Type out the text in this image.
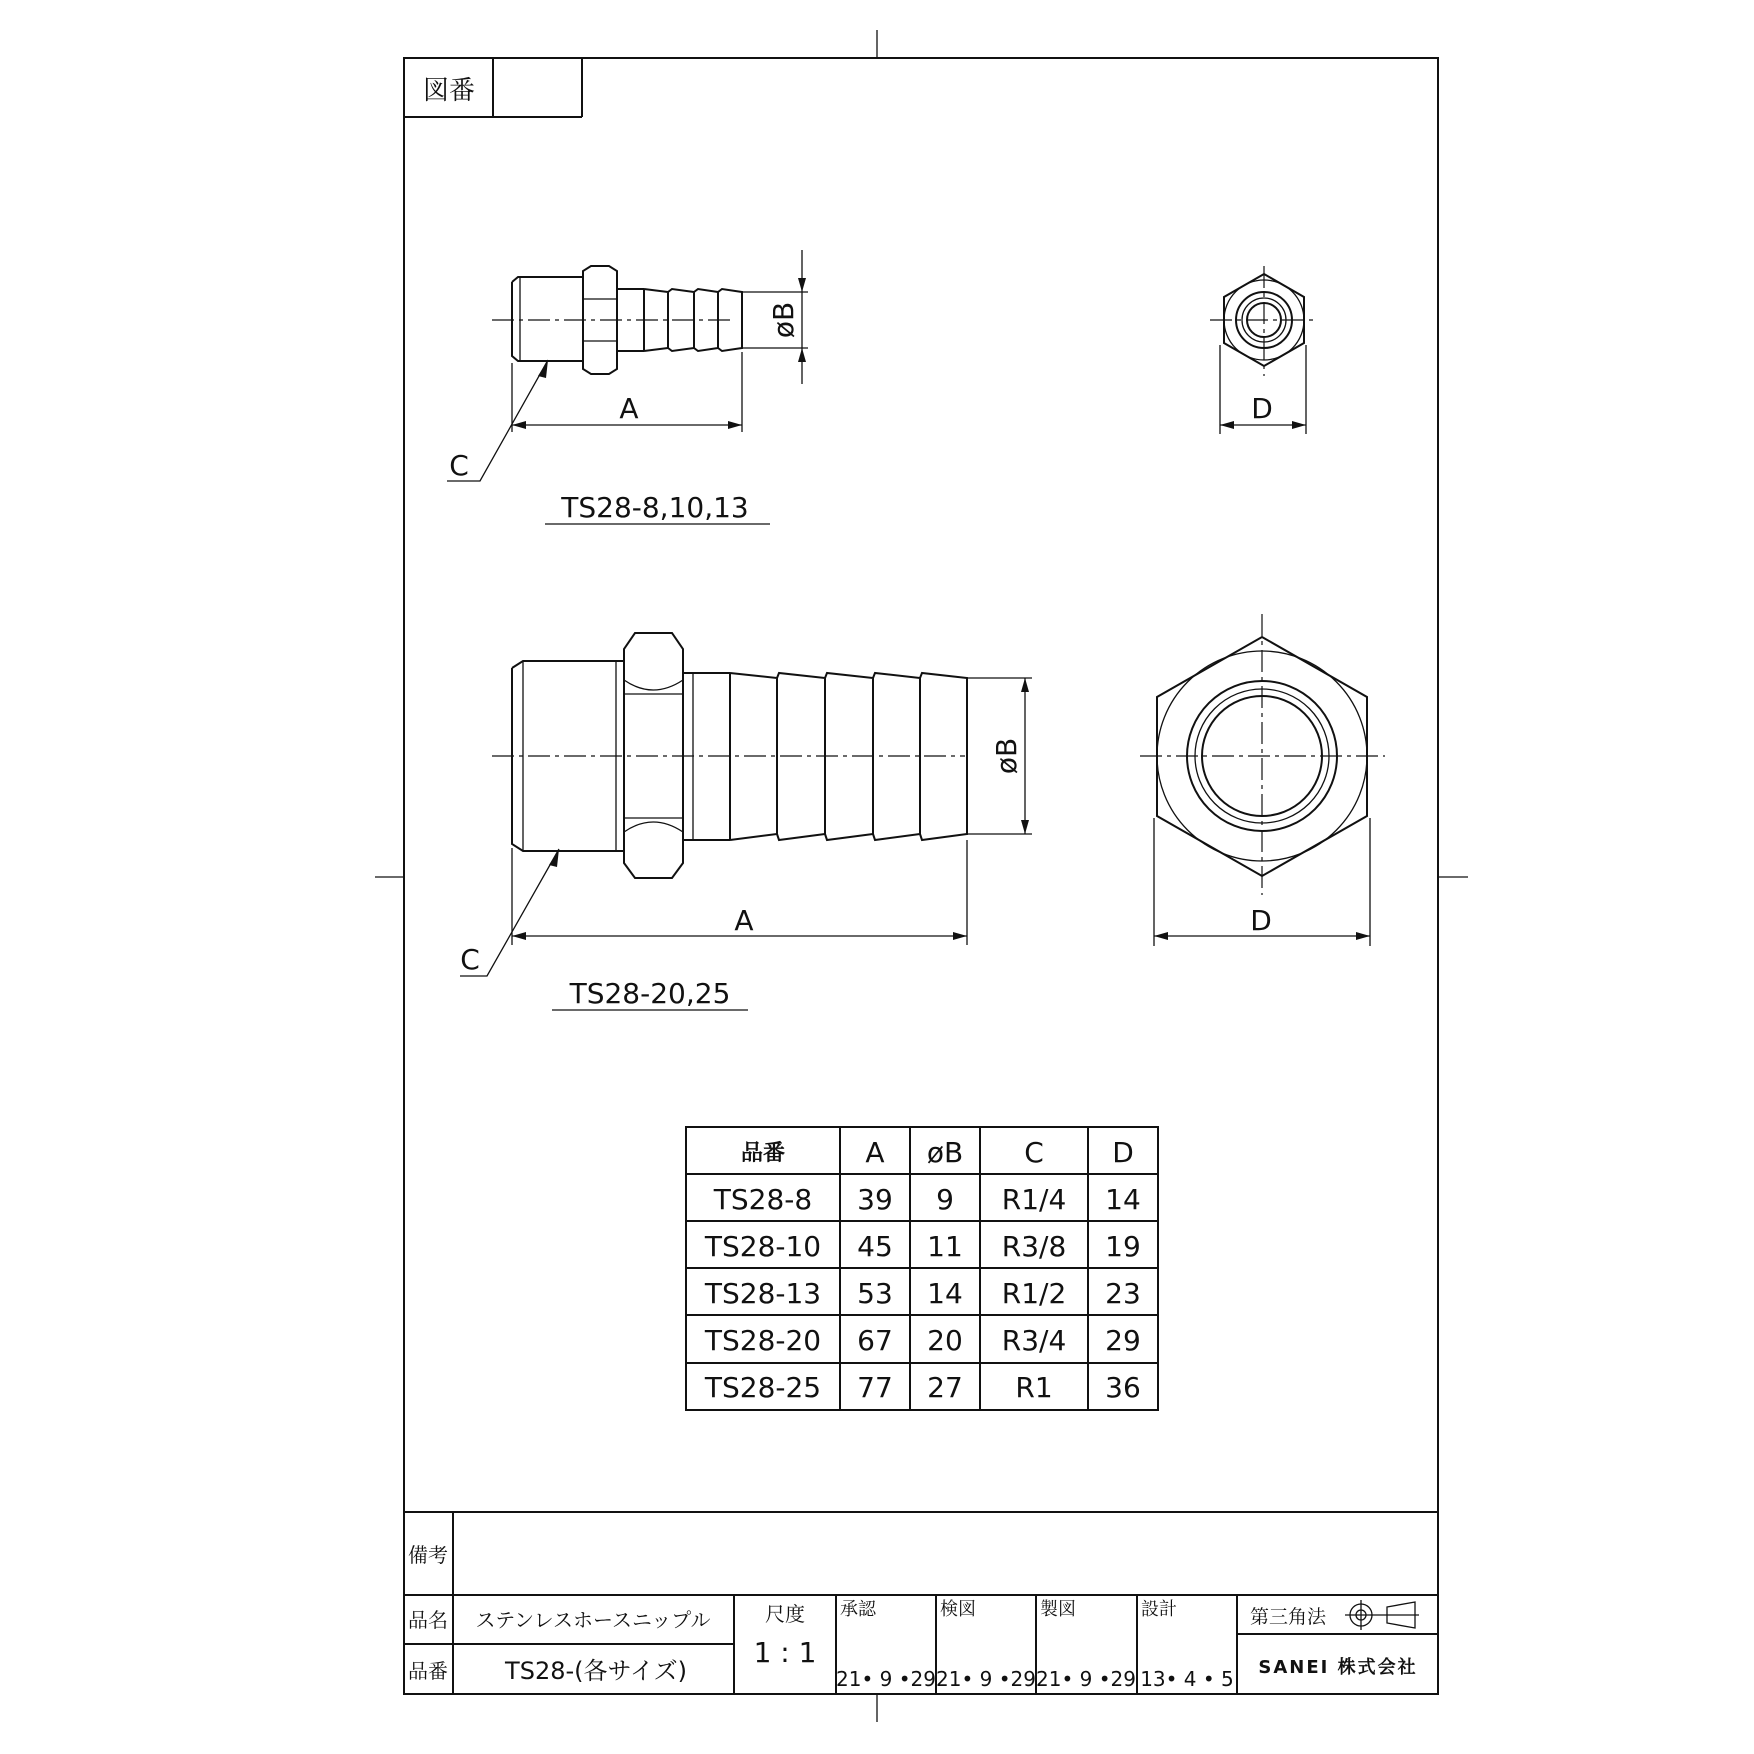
図番
øB
A
C
TS28-8,10,13
D
øB
A
C
TS28-20,25
D
品番	A øB C D
TS28-8 39 9 R1/4 14
TS28-10 45 11 R3/8 19
TS28-13 53 14 R1/2 23
TS28-20 67 20 R3/4 29
TS28-25 77 27 R1 36
備考
品名 ステンレスホースニップル
品番 TS28-(各サイズ)
尺度
1 : 1
承認
21• 9 •29
検図
21• 9 •29
製図
21• 9 •29
設計
13• 4 • 5
第三角法
SANEI 株式会社
